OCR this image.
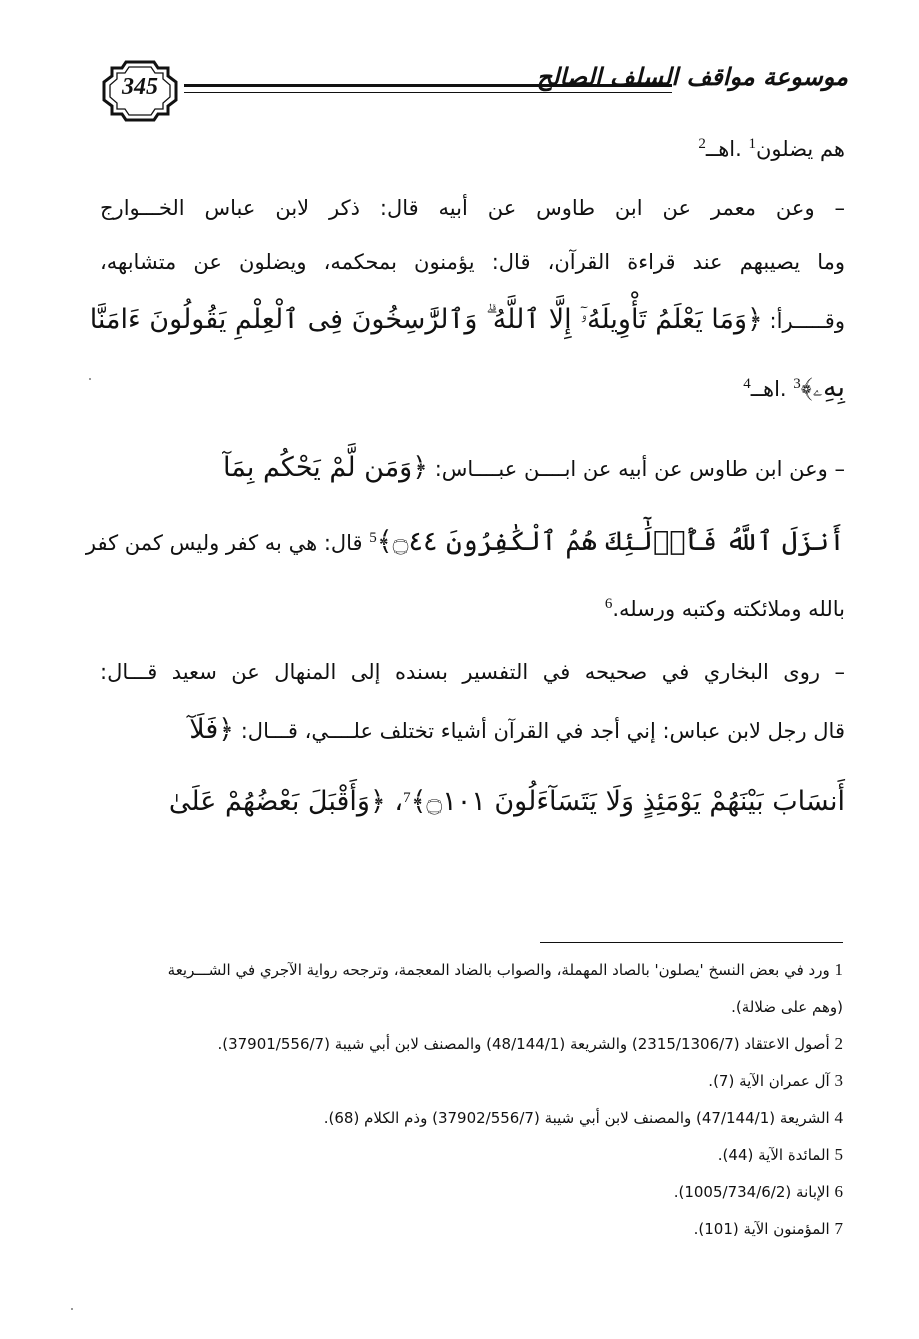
345	موسوعة مواقف السلف الصالح
هم يضلون$^1$ .اهــ$^2$
– وعن معمر عن ابن طاوس عن أبيه قال: ذكر لابن عباس الخـــوارج
وما يصيبهم عند قراءة القرآن، قال: يؤمنون بمحكمه، ويضلون عن متشابهه،
وقـــــرأ: ﴿وَمَا يَعْلَمُ تَأْوِيلَهُۥٓ إِلَّا ٱللَّهُ ۗ وَٱلرَّٰسِخُونَ فِى ٱلْعِلْمِ يَقُولُونَ ءَامَنَّا
بِهِۦ﴾$^3$ .اهــ$^4$
– وعن ابن طاوس عن أبيه عن ابــــن عبــــاس: ﴿وَمَن لَّمْ يَحْكُم بِمَآ
أَنزَلَ ٱللَّهُ فَأُو۟لَٰٓئِكَ هُمُ ٱلْكَٰفِرُونَ ۝٤٤﴾$^5$ قال: هي به كفر وليس كمن كفر
بالله وملائكته وكتبه ورسله.$^6$
– روى البخاري في صحيحه في التفسير بسنده إلى المنهال عن سعيد قـــال:
قال رجل لابن عباس: إني أجد في القرآن أشياء تختلف علــــي، قـــال: ﴿فَلَآ
أَنسَابَ بَيْنَهُمْ يَوْمَئِذٍ وَلَا يَتَسَآءَلُونَ ۝١٠١﴾$^7$، ﴿وَأَقْبَلَ بَعْضُهُمْ عَلَىٰ
1 ورد في بعض النسخ 'يصلون' بالصاد المهملة، والصواب بالضاد المعجمة، وترجحه رواية الآجري في الشـــريعة
(وهم على ضلالة).
2 أصول الاعتقاد (2315/1306/7) والشريعة (48/144/1) والمصنف لابن أبي شيبة (37901/556/7).
3 آل عمران الآية (7).
4 الشريعة (47/144/1) والمصنف لابن أبي شيبة (37902/556/7) وذم الكلام (68).
5 المائدة الآية (44).
6 الإبانة (1005/734/6/2).
7 المؤمنون الآية (101).
